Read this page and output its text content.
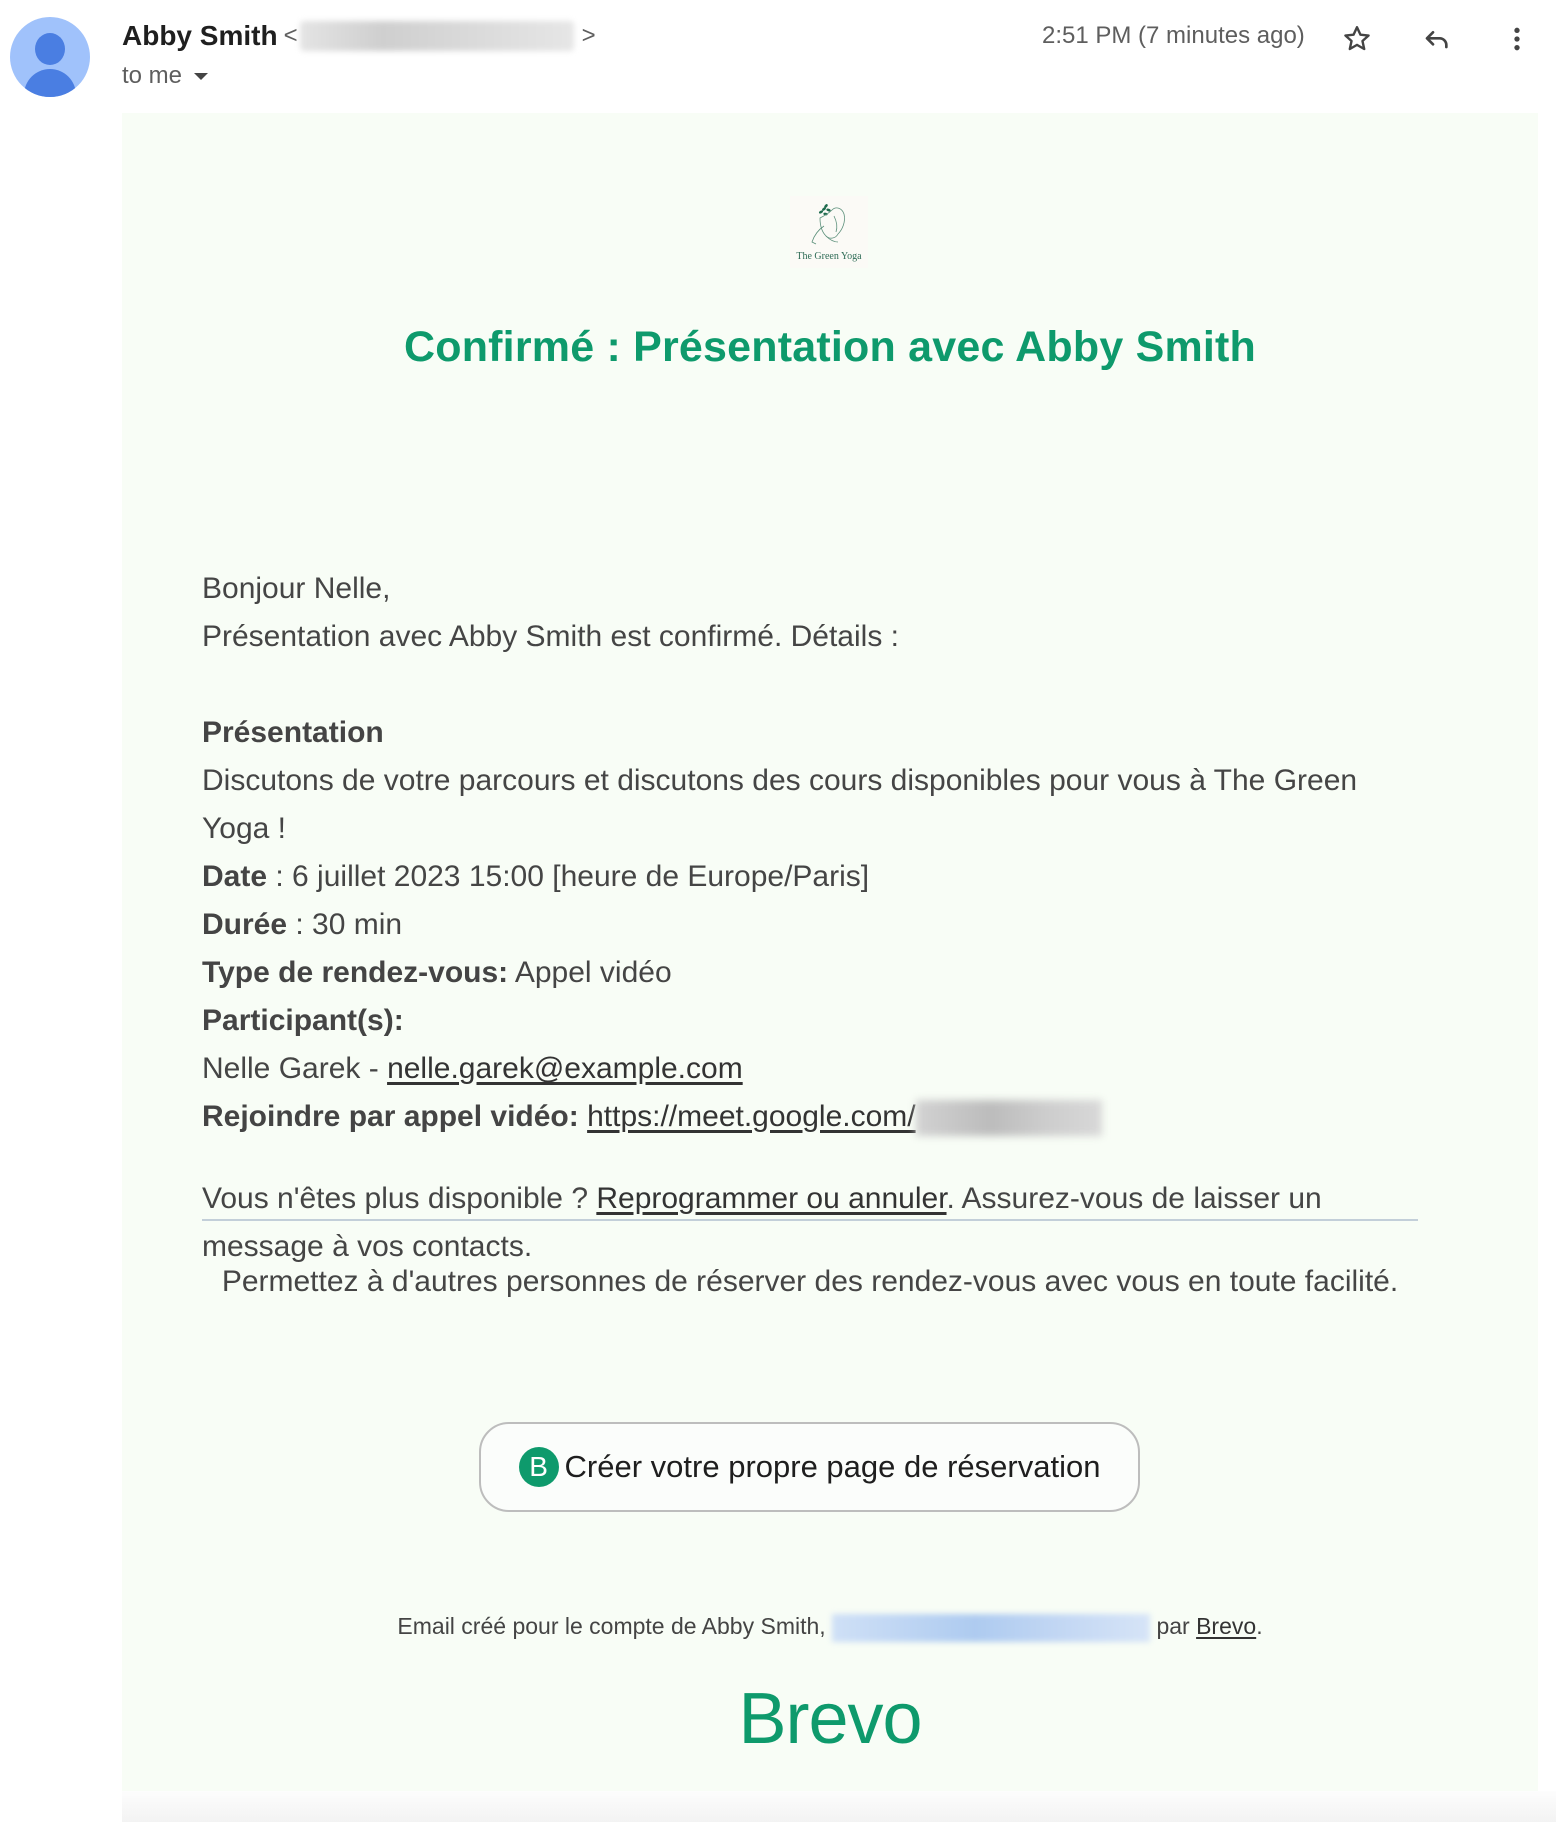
Abby Smith <	>
to me
2:51 PM (7 minutes ago)
The Green Yoga
Confirmé : Présentation avec Abby Smith

Bonjour Nelle,

Présentation avec Abby Smith est confirmé. Détails :

Présentation

Discutons de votre parcours et discutons des cours disponibles pour vous à The Green Yoga !

Date : 6 juillet 2023 15:00 [heure de Europe/Paris]

Durée : 30 min

Type de rendez-vous: Appel vidéo

Participant(s):

Nelle Garek - nelle.garek@example.com

Rejoindre par appel vidéo: https://meet.google.com/

Vous n'êtes plus disponible ? Reprogrammer ou annuler. Assurez-vous de laisser un message à vos contacts.

Permettez à d'autres personnes de réserver des rendez-vous avec vous en toute facilité.

B Créer votre propre page de réservation
Email créé pour le compte de Abby Smith,	par Brevo.
Brevo
